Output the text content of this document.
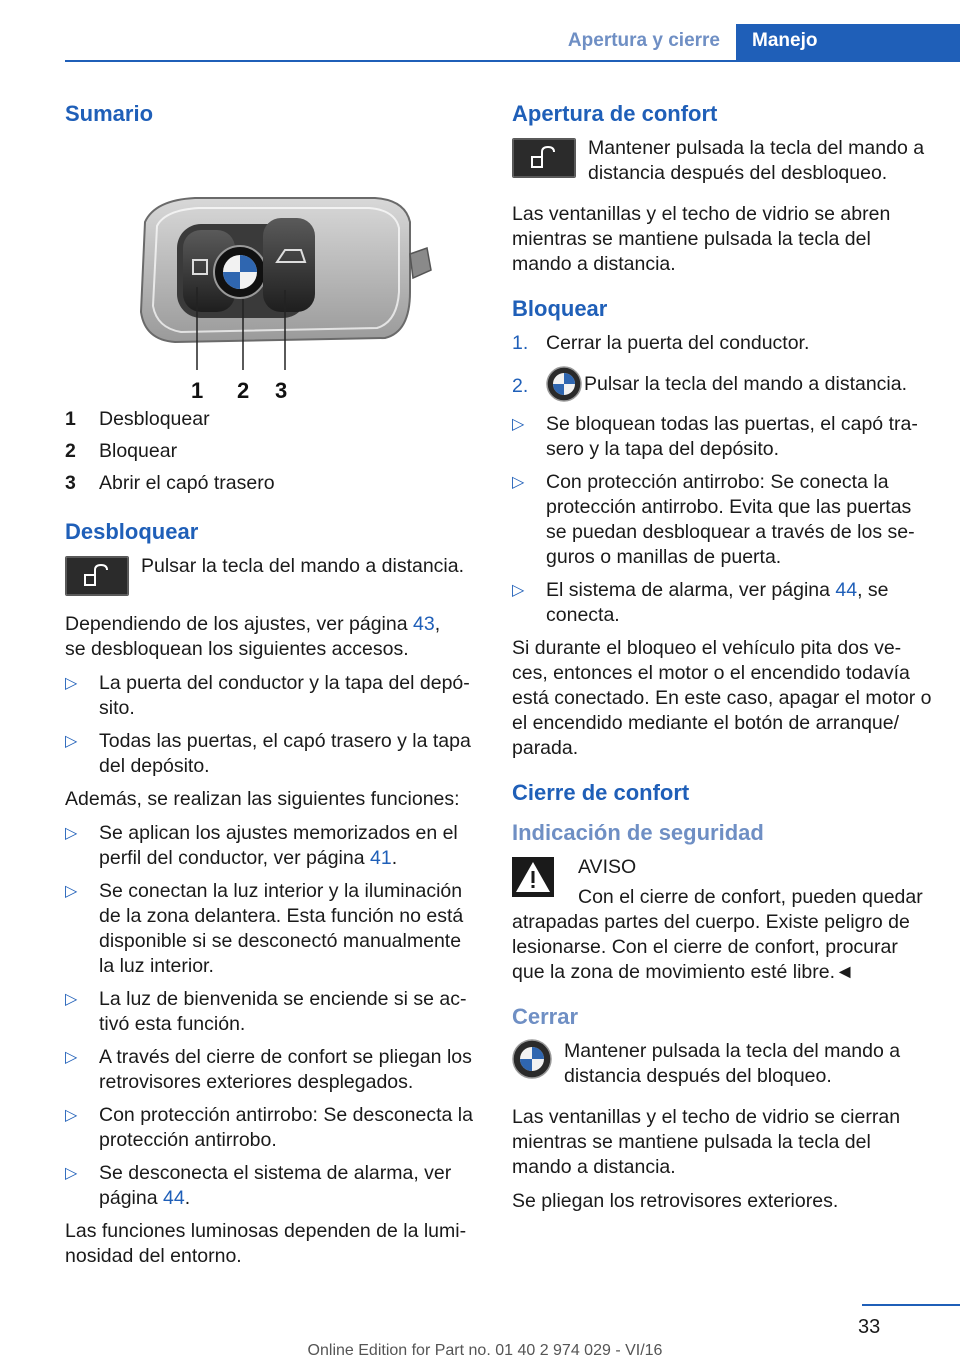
Apertura y cierre	Manejo
Sumario
1 2 3
1	Desbloquear
2	Bloquear
3	Abrir el capó trasero
Desbloquear
Pulsar la tecla del mando a distancia.

Dependiendo de los ajustes, ver página 43,
se desbloquean los siguientes accesos.

▷ La puerta del conductor y la tapa del depó‐ sito.
▷ Todas las puertas, el capó trasero y la tapa del depósito.

Además, se realizan las siguientes funciones:

▷ Se aplican los ajustes memorizados en el perfil del conductor, ver página 41.
▷ Se conectan la luz interior y la iluminación de la zona delantera. Esta función no está disponible si se desconectó manualmente la luz interior.
▷ La luz de bienvenida se enciende si se ac‐ tivó esta función.
▷ A través del cierre de confort se pliegan los retrovisores exteriores desplegados.
▷ Con protección antirrobo: Se desconecta la protección antirrobo.
▷ Se desconecta el sistema de alarma, ver página 44.

Las funciones luminosas dependen de la lumi‐ nosidad del entorno.

Apertura de confort
Mantener pulsada la tecla del mando a distancia después del desbloqueo.

Las ventanillas y el techo de vidrio se abren mientras se mantiene pulsada la tecla del mando a distancia.

Bloquear
1. Cerrar la puerta del conductor.
2.	Pulsar la tecla del mando a distancia.
▷ Se bloquean todas las puertas, el capó tra‐ sero y la tapa del depósito.
▷ Con protección antirrobo: Se conecta la protección antirrobo. Evita que las puertas se puedan desbloquear a través de los se‐ guros o manillas de puerta.
▷ El sistema de alarma, ver página 44, se conecta.

Si durante el bloqueo el vehículo pita dos ve‐ ces, entonces el motor o el encendido todavía está conectado. En este caso, apagar el motor o el encendido mediante el botón de arranque/ parada.

Cierre de confort
Indicación de seguridad
AVISO

Con el cierre de confort, pueden quedar atrapadas partes del cuerpo. Existe peligro de lesionarse. Con el cierre de confort, procurar que la zona de movimiento esté libre.◄

Cerrar
Mantener pulsada la tecla del mando a distancia después del bloqueo.

Las ventanillas y el techo de vidrio se cierran mientras se mantiene pulsada la tecla del mando a distancia.

Se pliegan los retrovisores exteriores.

33
Online Edition for Part no. 01 40 2 974 029 - VI/16
